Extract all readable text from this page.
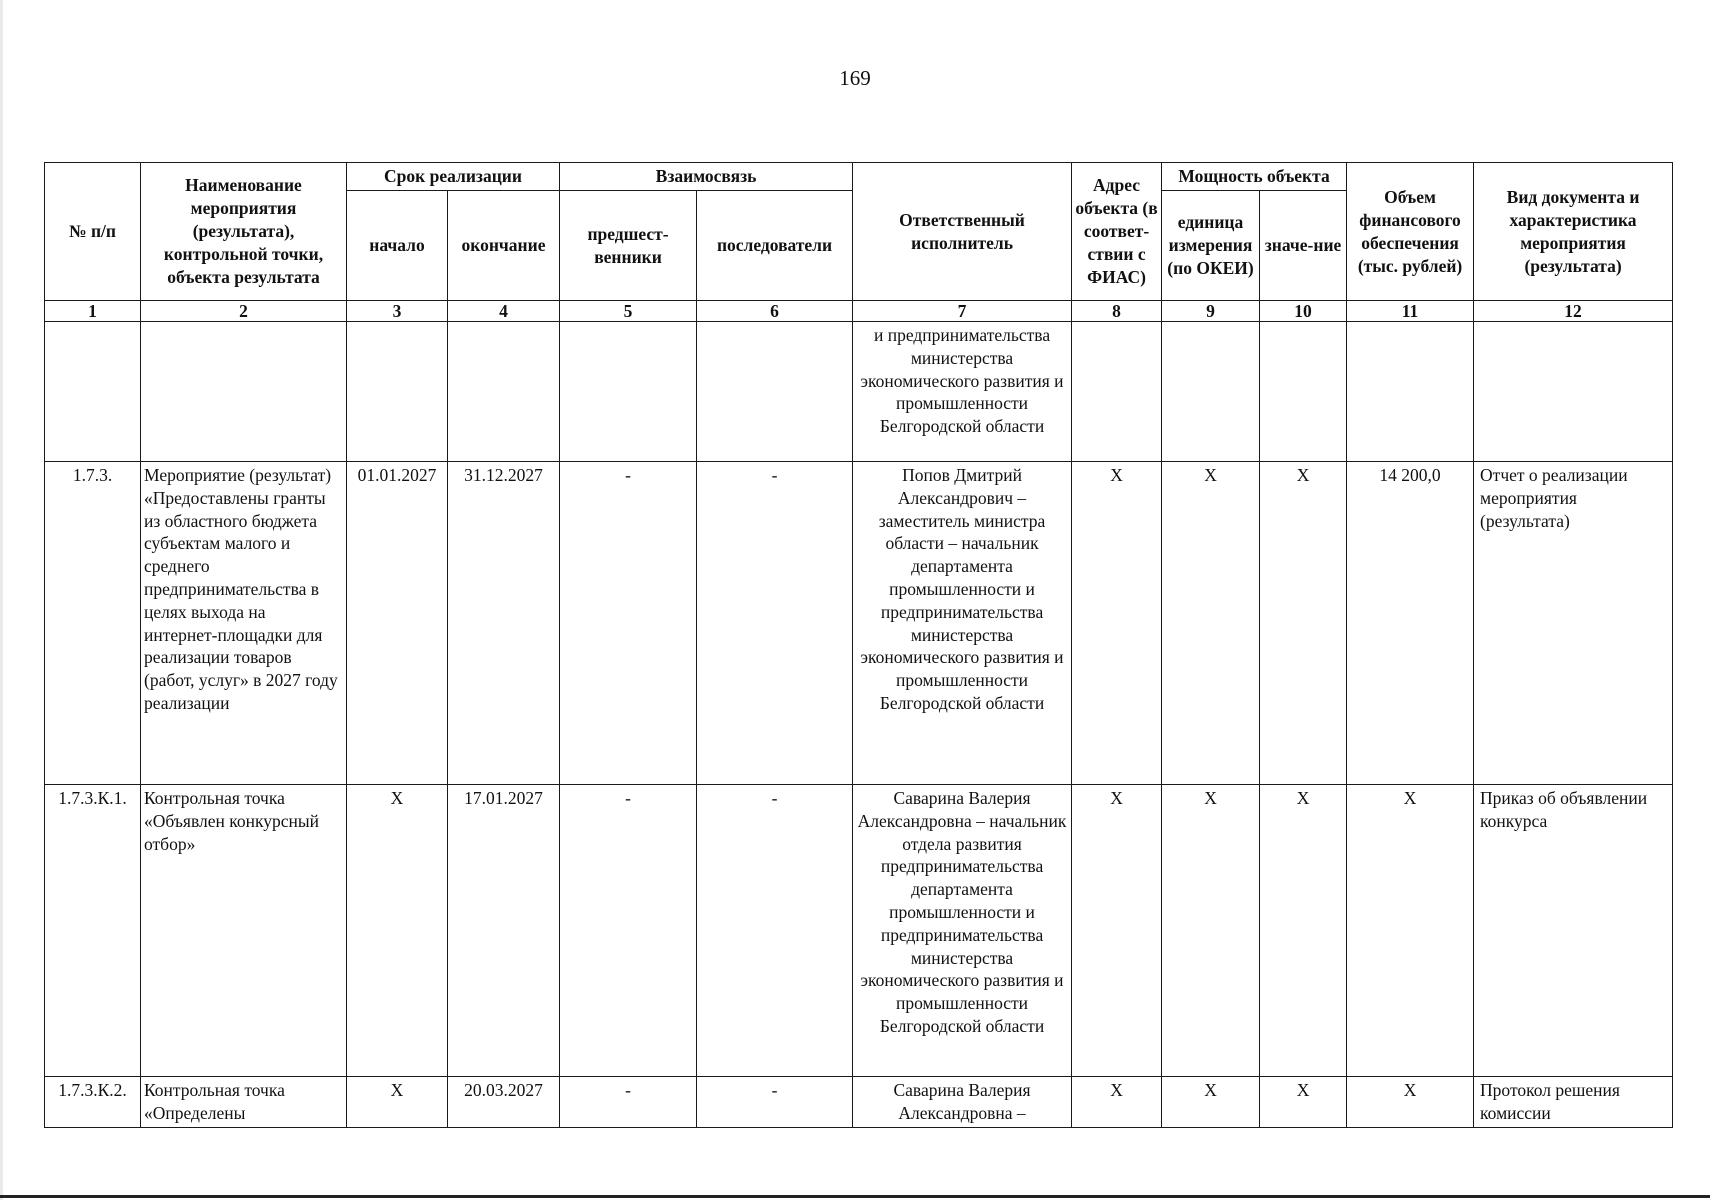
169
№ п/п	Наименование мероприятия (результата), контрольной точки, объекта результата	Срок реализации		Взаимосвязь		Ответственный исполнитель	Адрес объекта (в соответ-ствии с ФИАС)	Мощность объекта		Объем финансового обеспечения (тыс. рублей)	Вид документа и характеристика мероприятия (результата)
		начало	окончание	предшест-венники	последователи			единица измерения (по ОКЕИ)	значе-ние		
1	2	3	4	5	6	7	8	9	10	11	12
						и предпринимательства министерства экономического развития и промышленности Белгородской области					
1.7.3.	Мероприятие (результат) «Предоставлены гранты из областного бюджета субъектам малого и среднего предпринимательства в целях выхода на интернет-площадки для реализации товаров (работ, услуг» в 2027 году реализации	01.01.2027	31.12.2027	-	-	Попов Дмитрий Александрович – заместитель министра области – начальник департамента промышленности и предпринимательства министерства экономического развития и промышленности Белгородской области	X	X	X	14 200,0	Отчет о реализации мероприятия (результата)
1.7.3.К.1.	Контрольная точка «Объявлен конкурсный отбор»	X	17.01.2027	-	-	Саварина Валерия Александровна – начальник отдела развития предпринимательства департамента промышленности и предпринимательства министерства экономического развития и промышленности Белгородской области	X	X	X	X	Приказ об объявлении конкурса
1.7.3.К.2.	Контрольная точка «Определены	X	20.03.2027	-	-	Саварина Валерия Александровна –	X	X	X	X	Протокол решения комиссии
